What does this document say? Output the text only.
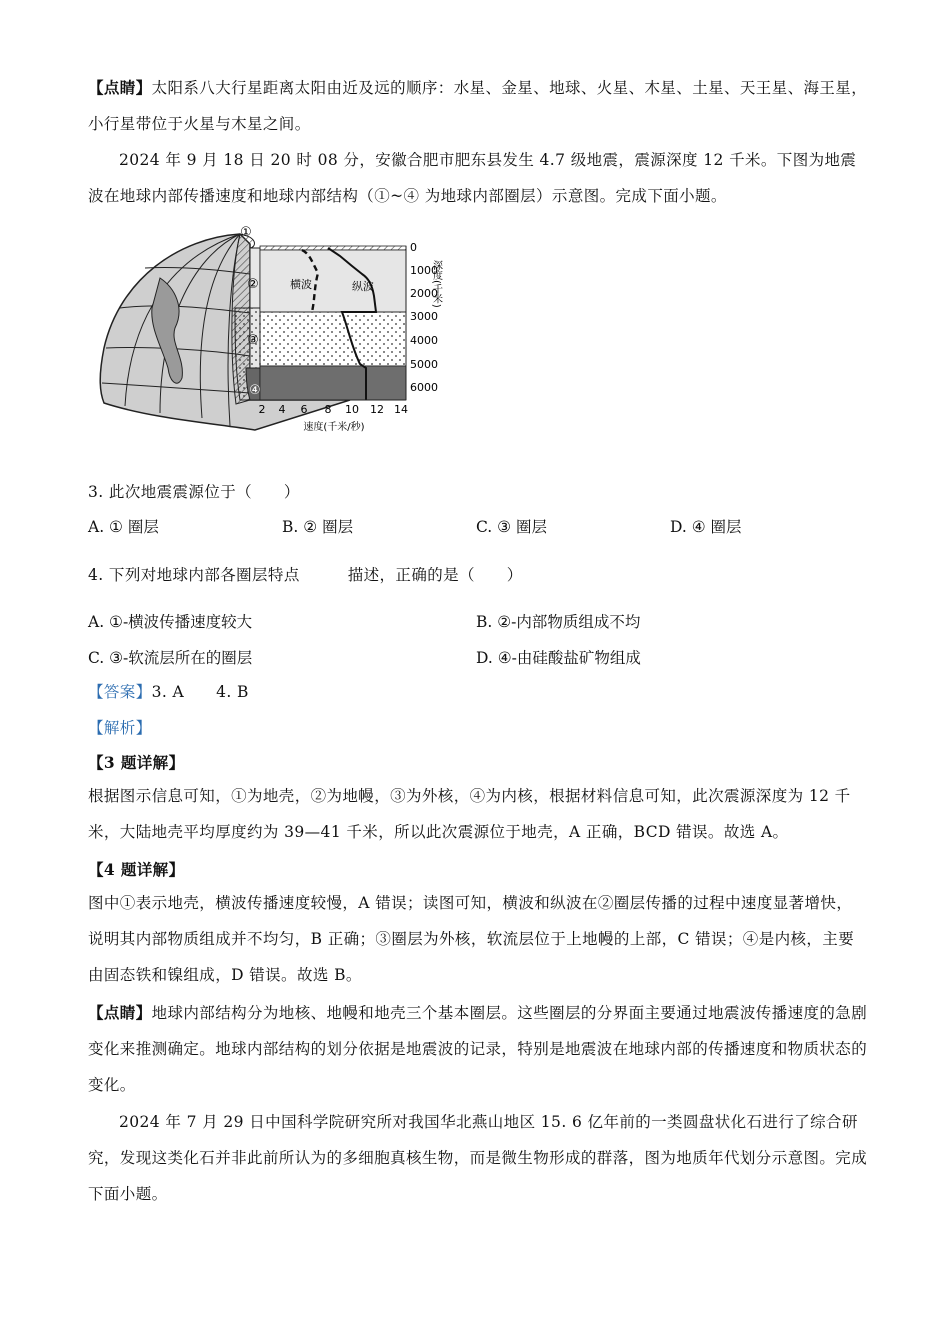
【点睛】太阳系八大行星距离太阳由近及远的顺序：水星、金星、地球、火星、木星、土星、天王星、海王星，小行星带位于火星与木星之间。

2024 年 9 月 18 日 20 时 08 分，安徽合肥市肥东县发生 4.7 级地震，震源深度 12 千米。下图为地震波在地球内部传播速度和地球内部结构（①~④ 为地球内部圈层）示意图。完成下面小题。

①
②
③
④
横波	纵波
0
1000
2000
3000
4000
5000
6000
深度(千米)
2 4 6 8 10 12 14
速度(千米/秒)

3. 此次地震震源位于（　　）

A. ① 圈层	B. ② 圈层	C. ③ 圈层	D. ④ 圈层

4. 下列对地球内部各圈层特点	描述，正确的是（　　）

A. ①-横波传播速度较大	B. ②-内部物质组成不均
C. ③-软流层所在的圈层	D. ④-由硅酸盐矿物组成

【答案】3. A 4. B

【解析】

【3 题详解】

根据图示信息可知，①为地壳，②为地幔，③为外核，④为内核，根据材料信息可知，此次震源深度为 12 千米，大陆地壳平均厚度约为 39—41 千米，所以此次震源位于地壳，A 正确，BCD 错误。故选 A。

【4 题详解】

图中①表示地壳，横波传播速度较慢，A 错误；读图可知，横波和纵波在②圈层传播的过程中速度显著增快，说明其内部物质组成并不均匀，B 正确；③圈层为外核，软流层位于上地幔的上部，C 错误；④是内核，主要由固态铁和镍组成，D 错误。故选 B。

【点睛】地球内部结构分为地核、地幔和地壳三个基本圈层。这些圈层的分界面主要通过地震波传播速度的急剧变化来推测确定。地球内部结构的划分依据是地震波的记录，特别是地震波在地球内部的传播速度和物质状态的变化。

2024 年 7 月 29 日中国科学院研究所对我国华北燕山地区 15. 6 亿年前的一类圆盘状化石进行了综合研究，发现这类化石并非此前所认为的多细胞真核生物，而是微生物形成的群落，图为地质年代划分示意图。完成下面小题。
